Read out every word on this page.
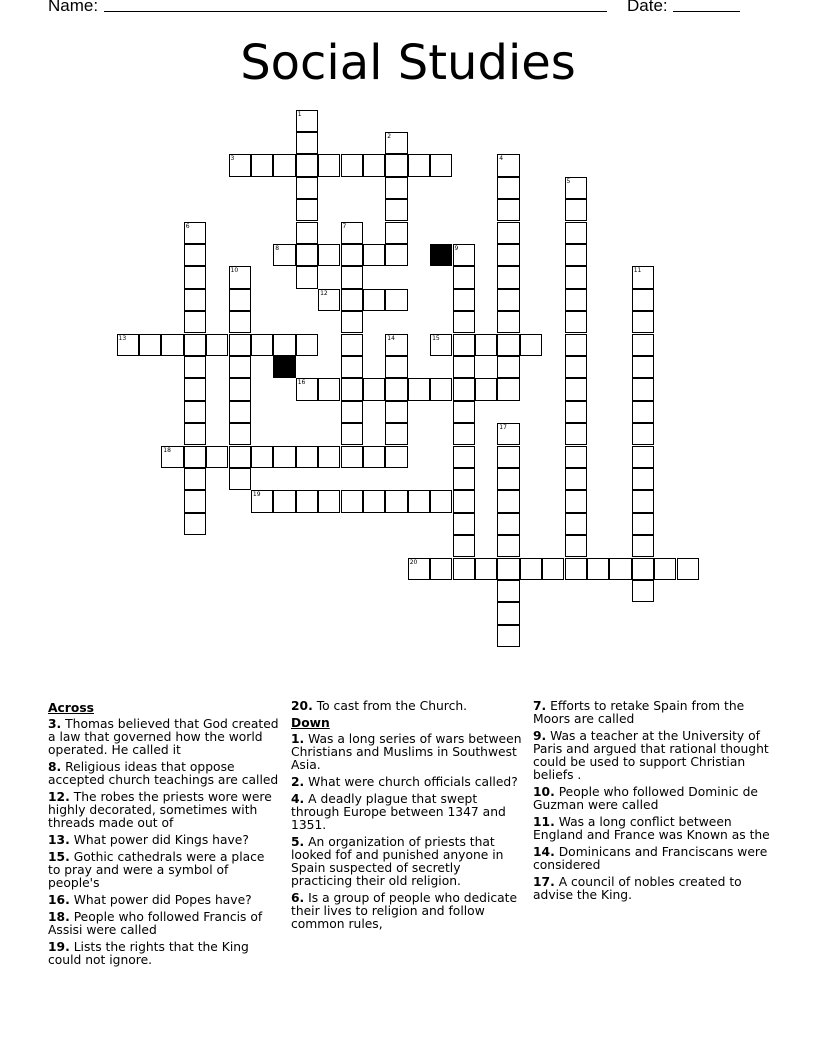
Name:	Date:
Social Studies
1
2
3	4
5
6	7
8	9
10	11
12
13	14	15
16
17
18
19
20
Across
3. Thomas believed that God created a law that governed how the world operated. He called it
8. Religious ideas that oppose accepted church teachings are called
12. The robes the priests wore were highly decorated, sometimes with threads made out of
13. What power did Kings have?
15. Gothic cathedrals were a place to pray and were a symbol of people's
16. What power did Popes have?
18. People who followed Francis of Assisi were called
19. Lists the rights that the King could not ignore.
20. To cast from the Church.
Down
1. Was a long series of wars between Christians and Muslims in Southwest Asia.
2. What were church officials called?
4. A deadly plague that swept through Europe between 1347 and 1351.
5. An organization of priests that looked fof and punished anyone in Spain suspected of secretly practicing their old religion.
6. Is a group of people who dedicate their lives to religion and follow common rules,
7. Efforts to retake Spain from the Moors are called
9. Was a teacher at the University of Paris and argued that rational thought could be used to support Christian beliefs .
10. People who followed Dominic de Guzman were called
11. Was a long conflict between England and France was Known as the
14. Dominicans and Franciscans were considered
17. A council of nobles created to advise the King.
